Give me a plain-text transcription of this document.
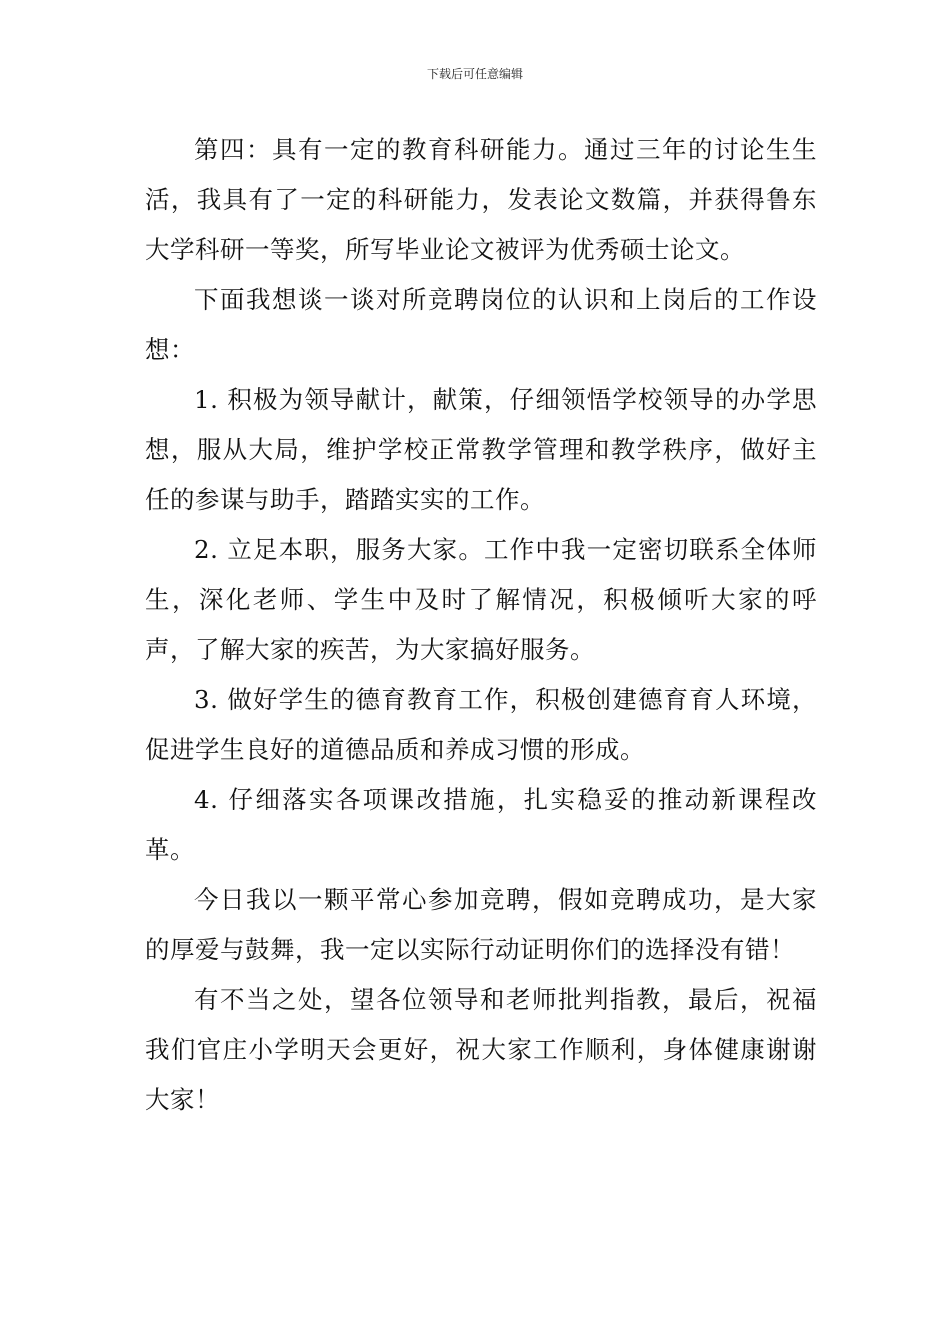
下载后可任意编辑

第四：具有一定的教育科研能力。通过三年的讨论生生活，我具有了一定的科研能力，发表论文数篇，并获得鲁东大学科研一等奖，所写毕业论文被评为优秀硕士论文。

下面我想谈一谈对所竞聘岗位的认识和上岗后的工作设想：

1. 积极为领导献计，献策，仔细领悟学校领导的办学思想，服从大局，维护学校正常教学管理和教学秩序，做好主任的参谋与助手，踏踏实实的工作。

2. 立足本职，服务大家。工作中我一定密切联系全体师生，深化老师、学生中及时了解情况，积极倾听大家的呼声，了解大家的疾苦，为大家搞好服务。

3. 做好学生的德育教育工作，积极创建德育育人环境，促进学生良好的道德品质和养成习惯的形成。

4. 仔细落实各项课改措施，扎实稳妥的推动新课程改革。

今日我以一颗平常心参加竞聘，假如竞聘成功，是大家的厚爱与鼓舞，我一定以实际行动证明你们的选择没有错！

有不当之处，望各位领导和老师批判指教，最后，祝福我们官庄小学明天会更好，祝大家工作顺利，身体健康谢谢大家！
